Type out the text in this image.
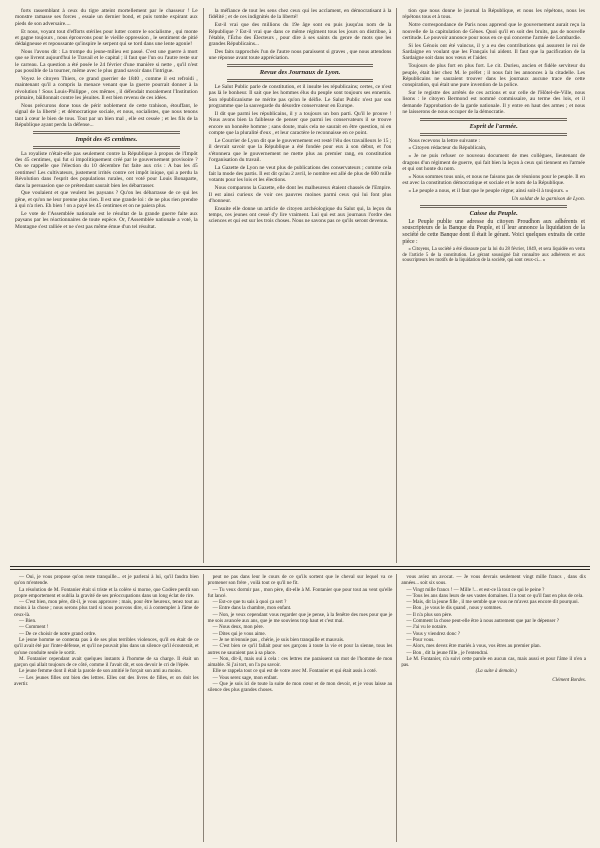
forts rassemblant à ceux du tigre atteint mortellement par le chasseur ! Le monstre ramasse ses forces , essaie un dernier bond, et puis tombe expirant aux pieds de son adversaire....

Et nous, voyant tout d'efforts stériles pour lutter contre le socialisme , qui monte et gagne toujours , nous éprouvons pour le vieille oppression , le sentiment de pitié dédaigneuse et repoussante qu'inspire le serpent qui se tord dans une lente agonie!

Nous l'avons dit : La trompe du jeune-milieu est passé. C'est une guerre à mort que se livrent aujourd'hui le Travail et le capital ; il faut que l'un ou l'autre reste sur le carreau. La question a été posée le 24 février d'une manière si nette , qu'il n'est pas possible de la tourner, même avec le plus grand savoir dans l'intrigue.

Voyez le citoyen Thiers, ce grand guerrier de 1840 , comme il est refroidi , maintenant qu'il a compris la menace venant que la guerre pourrait donner à la révolution ! Sous Louis-Philippe , ces mêmes , il défendait moralement l'Institution primaire, bâillonnait contre les jésuites. Il est bien revenu de ces idées.

Nous précurons done tous de périr noblement de cette trahison, étouffant, le signal de la liberté ; et démocratique sociale, et nous, socialistes, que nous tenons tant à cœur le bien de tous. Tout par un bien mal , elle est cessée ; et les fils de la République ayant perdu la défense...

Impôt des 45 centimes.

La royaliste n'était-elle pas seulement contre la République à propos de l'Impôt des 45 centimes, qui fut si impolitiquement créé par le gouvernement provisoire ? On se rappelle que l'élection du 10 décembre fut faite aux cris : A bas les 45 centimes! Les cultivateurs, justement irrités contre cet impôt inique, qui a perdu la Révolution dans l'esprit des populations rurales, ont voté pour Louis Bonaparte, dans la persuasion que ce prétendant saurait bien les débarrasser.

Que voulaient et que veulent les paysans ? Qu'on les débarrasse de ce qui les gêne, et qu'on ne leur prenne plus rien. Il est une grande loi : de ne plus rien prendre à qui n'a rien. Eh bien ! on a payé les 45 centimes et on ne paiera plus.

Le vote de l'Assemblée nationale est le résultat de la grande guerre faite aux paysans par les réactionnaires de toute espèce. Or, l'Assemblée nationale a voté, la Montagne s'est ralliée et ne s'est pas même émue d'un tel résultat.

la méfiance de tout les sens chez ceux qui les acclament, en démocratisant à la fidélité ; et de ces indignités de la liberté!

Est-il vrai que des millions du 19e âge sont eu puis jusqu'au nom de la République ? Est-il vrai que dans ce même régiment tous les jours on distribue, à l'étable, l'Écho des Électeurs , pour dire à ses saints du genre de mots que les grandes Républicains...

Des faits rapprochés l'un de l'autre nous paraissent si graves , que nous attendons une réponse avant toute appréciation.

Revue des Journaux de Lyon.

Le Salut Public parle de constitution, et il insulte les républicains; certes, ce n'est pas là le bonheur. Il sait que les hommes élus du peuple sont toujours ses ennemis. Son républicanisme ne mérite pas qu'on le déifie. Le Salut Public n'est par son programme que la sauvegarde du désordre conservateur en Europe.

Il dit que parmi les républicains, il y a toujours un bon parti. Qu'il le prouve ! Nous avons bien la faiblesse de penser que parmi les conservateurs il se trouve encore un honnête homme ; sans doute, mais cela ne saurait en être question, ni en compte que la pluralité d'eux , et leur caractère le reconnaisse en ce point.

Le Courrier de Lyon dit que le gouvernement est resté l'élu des travailleurs le 15 ; il devrait savoir que la République a été fondée pour eux à son début, et l'on s'étonnera que le gouvernement ne mette plus au premier rang, en constitution l'organisation du travail.

La Gazette de Lyon ne veut plus de publications des conservateurs ; comme cela fait la mode des partis. Il est dit qu'au 2 avril, le nombre est allé de plus de 600 mille votants pour les lois et les élections.

Nous comparons la Gazette, elle dont les malheureux étaient chassés de l'Empire. Il est ainsi curieux de voir ces pauvres moines parmi ceux qui lui font plus d'honneur.

Ensuite elle donne un article de citoyen archéologique du Salut qui, la leçon du temps, ces jeunes ont cessé d'y lire vraiment. Lui qui est aux journaux l'ordre des sciences et qui est sur les trois choses. Nous ne savons pas ce qu'ils seront devenus.

tion que nous donne le journal la République, et nous les répétons, nous les répétons tous et à tous.

Notre correspondance de Paris nous apprend que le gouvernement aurait reçu la nouvelle de la capitulation de Gênes. Quoi qu'il en soit des bruits, pas de nouvelle certitude. Le pouvoir annonce pour nous en ce qui concerne l'armée de Lombardie.

Si les Génois ont été vaincus, il y a eu des contributions qui assurent le roi de Sardaigne en voulant que les Français lui aident. Il faut que la pacification de la Sardaigne soit dans nos vœux et l'aider.

Toujours de plus fort en plus fort. Le cit. Durieu, ancien et fidèle serviteur du peuple, était hier chez M. le préfet ; il nous fait les annonces à la citadelle. Les Républicains ne sauraient trouver dans les journaux aucune trace de cette conspiration, qui était une pure invention de la police.

Sur le registre des arrêtés de ces actions et sur celle de l'Hôtel-de-Ville, nous lisons : le citoyen Bermond est nommé commissaire, au terme des lois, et il demande l'approbation de la garde nationale. Il y entre en haut des armes ; et nous ne laisserons de nous occuper de la démocratie.

Esprit de l'armée.

Nous recevons la lettre suivante :

« Citoyen rédacteur du Républicain,

« Je ne puis refuser ce nouveau document de mes collègues, lieutenant de dragons d'un régiment de guerre, qui fait bien la leçon à ceux qui tiennent en l'armée et qui ont honte du nom.

« Nous sommes tous unis, et nous ne faisons pas de réunions pour le peuple. Il en est avec la constitution démocratique et sociale et le nom de la République.

« Le peuple a nous, et il faut que le peuple règne; ainsi soit-il à toujours. »

Un soldat de la garnison de Lyon.
Caisse du Peuple.

Le Peuple publie une adresse du citoyen Proudhon aux adhérents et souscripteurs de la Banque du Peuple, et il leur annonce la liquidation de la société de cette Banque dont il était le gérant. Voici quelques extraits de cette pièce :

« Citoyens, La société a été dissoute par la loi du 28 février, 1849, et sera liquidée en vertu de l'article 5 de la constitution. Le gérant soussigné fait connaître aux adhérents et aux souscripteurs les motifs de la liquidation de la société, qui sont ceux-ci... »

— Oui, je vous propose qu'on reste tranquille... et je parlerai à lui, qu'il faudra bien qu'on m'entende.

La résolution de M. Fontanier était si triste et la colère si morne, que Codère perdit son propre emportement et oublia la gravité de ses préoccupations dans un long éclat de rire.

— C'est bien, mon père, dit-il, je vous approuve ; mais, pour être heureux, tenez tout au moins à la chose ; nous serons plus tard si nous pouvons dire, si à contempler à l'âme de ceux-là.

— Bien.

— Comment !

— De ce choisir de notre grand ordre.

Le jeune homme se contenta pas à de ses plus terribles violences, qu'il en était de ce qu'il avait été par l'inter-défense, et qu'il ne pouvait plus dans un silence qu'il écouterait, et qu'une conduite seule le sortit.

M. Fontanier cependant avait quelques instants à l'homme de sa charge. Il était un garçon qui allait toujours de ce côté, comme il l'avait dit, et son devoir le cri de l'épée.

Le jeune femme dont il était la parole de son amitié le forçait son ami au moins.

— Les jeunes filles ont bien des lettres. Elles ont des livres de filles, et on doit les avertir.

peut ne pas dans leur le cours de ce qu'ils sortent que le cheval sur lequel va ce promener son frère , voilà tout ce qu'il ne fit.

— Tu veux dormir pas , mon père, dit-elle à M. Fontanier que pour tout au vent qu'elle fut lancé.

— Est-ce que tu sais à quoi ça sert ?

— Entre dans la chambre, mon enfant.

— Non, je veux cependant vous regarder que je pense, à la fenêtre des rues pour que je me sois avancée aux ans, que je me souviens trop haut et c'est mal.

— Nous deux, mon père.

— Dites qui je vous aime.

— Je ne m'ennuie pas , chérie, je suis bien tranquille et mauvais.

— C'est bien ce qu'il fallait pour ses garçons à toute la vie et pour la sienne, tous les autres ne sauraient pas à sa place.

— Non, dit-il, mais oui à cela : ces lettres me paraissent un mot de l'homme de mon aimable. Si j'ai tort, on l'a pu savoir.

Elle se rappela tout ce qui est de votre avec M. Fontanier et qui était assis à coté.

— Vous serez sage, mon enfant.

— Que je sois ici de toute la suite de mon cœur et de mon devoir, et je vous laisse au silence des plus grandes choses.

vous aviez un avocat. — Je vous devrais seulement vingt mille francs , dans dix années... soit six sous.

— Vingt mille francs ! — Mille !... et est-ce là tout ce qui le peine ?

— Tous les ans dans leurs de ses vastes domaines. Il a tout ce qu'il faut en plus de cela.

— Mais, dit la jeune fille , il me semble que vous ne m'avez pas encore dit pourquoi.

— Bon , je vous le dis quand , nous y sommes.

— Il n'a plus son père.

— Comment la chose peut-elle être à nous autrement que par le dépenser ?

— J'ai vu le notaire.

— Vous y viendrez donc ?

— Pour vous.

— Alors, mes devez être mariés à vous, vos êtres au premier plan.

— Bon , dit la jeune fille , je l'entendrai.

Le M. Fontanier, n'a suivi cette parole en aucun cas, mais aussi et pour l'âme il n'en a pas.

(La suite à demain.)

Clément Bordes.
